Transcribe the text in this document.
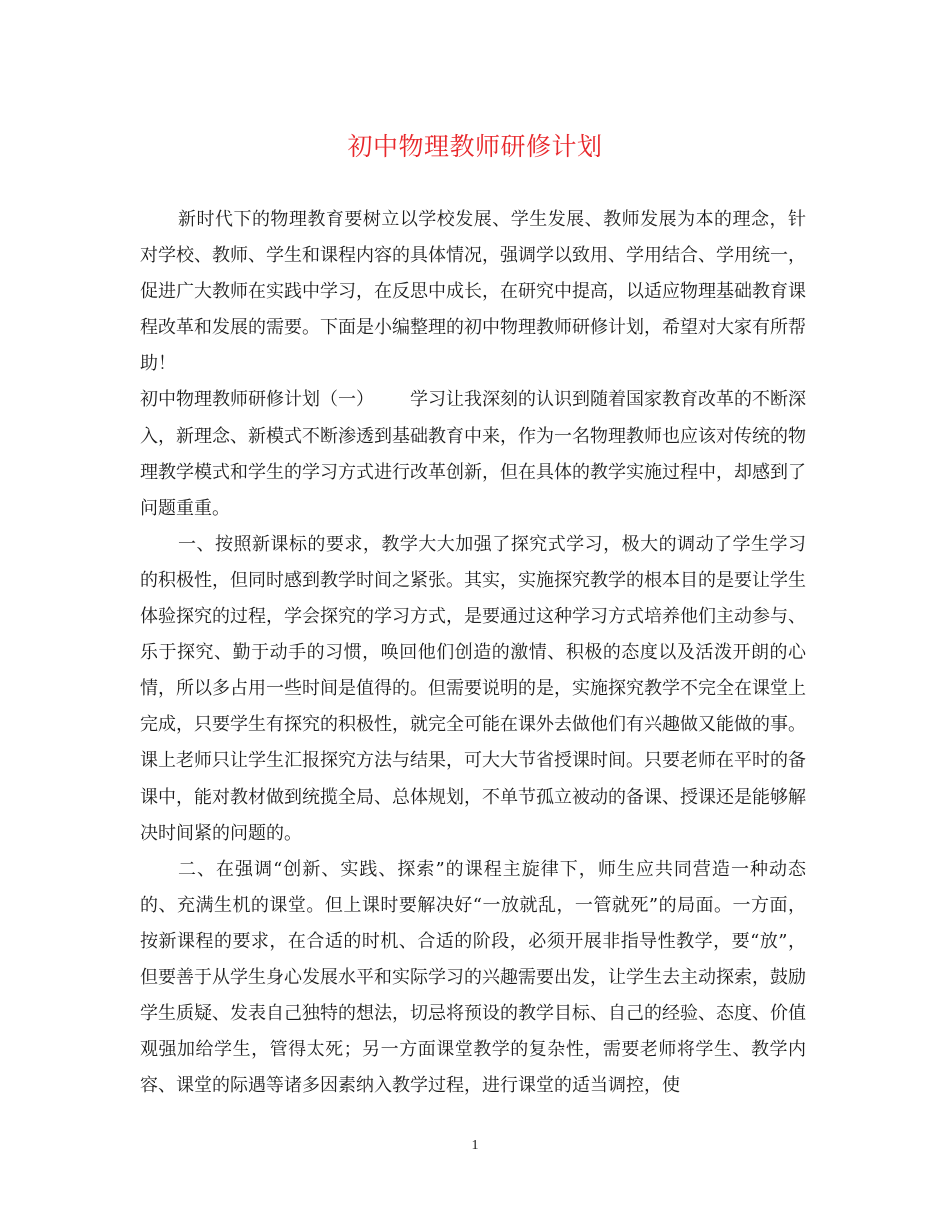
初中物理教师研修计划

新时代下的物理教育要树立以学校发展、学生发展、教师发展为本的理念，针对学校、教师、学生和课程内容的具体情况，强调学以致用、学用结合、学用统一，促进广大教师在实践中学习，在反思中成长，在研究中提高，以适应物理基础教育课程改革和发展的需要。下面是小编整理的初中物理教师研修计划，希望对大家有所帮助！

初中物理教师研修计划（一）   学习让我深刻的认识到随着国家教育改革的不断深入，新理念、新模式不断渗透到基础教育中来，作为一名物理教师也应该对传统的物理教学模式和学生的学习方式进行改革创新，但在具体的教学实施过程中，却感到了问题重重。

一、按照新课标的要求，教学大大加强了探究式学习，极大的调动了学生学习的积极性，但同时感到教学时间之紧张。其实，实施探究教学的根本目的是要让学生体验探究的过程，学会探究的学习方式，是要通过这种学习方式培养他们主动参与、乐于探究、勤于动手的习惯，唤回他们创造的激情、积极的态度以及活泼开朗的心情，所以多占用一些时间是值得的。但需要说明的是，实施探究教学不完全在课堂上完成，只要学生有探究的积极性，就完全可能在课外去做他们有兴趣做又能做的事。课上老师只让学生汇报探究方法与结果，可大大节省授课时间。只要老师在平时的备课中，能对教材做到统揽全局、总体规划，不单节孤立被动的备课、授课还是能够解决时间紧的问题的。

二、在强调“创新、实践、探索”的课程主旋律下，师生应共同营造一种动态的、充满生机的课堂。但上课时要解决好“一放就乱，一管就死”的局面。一方面，按新课程的要求，在合适的时机、合适的阶段，必须开展非指导性教学，要“放”，但要善于从学生身心发展水平和实际学习的兴趣需要出发，让学生去主动探索，鼓励学生质疑、发表自己独特的想法，切忌将预设的教学目标、自己的经验、态度、价值观强加给学生，管得太死；另一方面课堂教学的复杂性，需要老师将学生、教学内容、课堂的际遇等诸多因素纳入教学过程，进行课堂的适当调控，使

1
